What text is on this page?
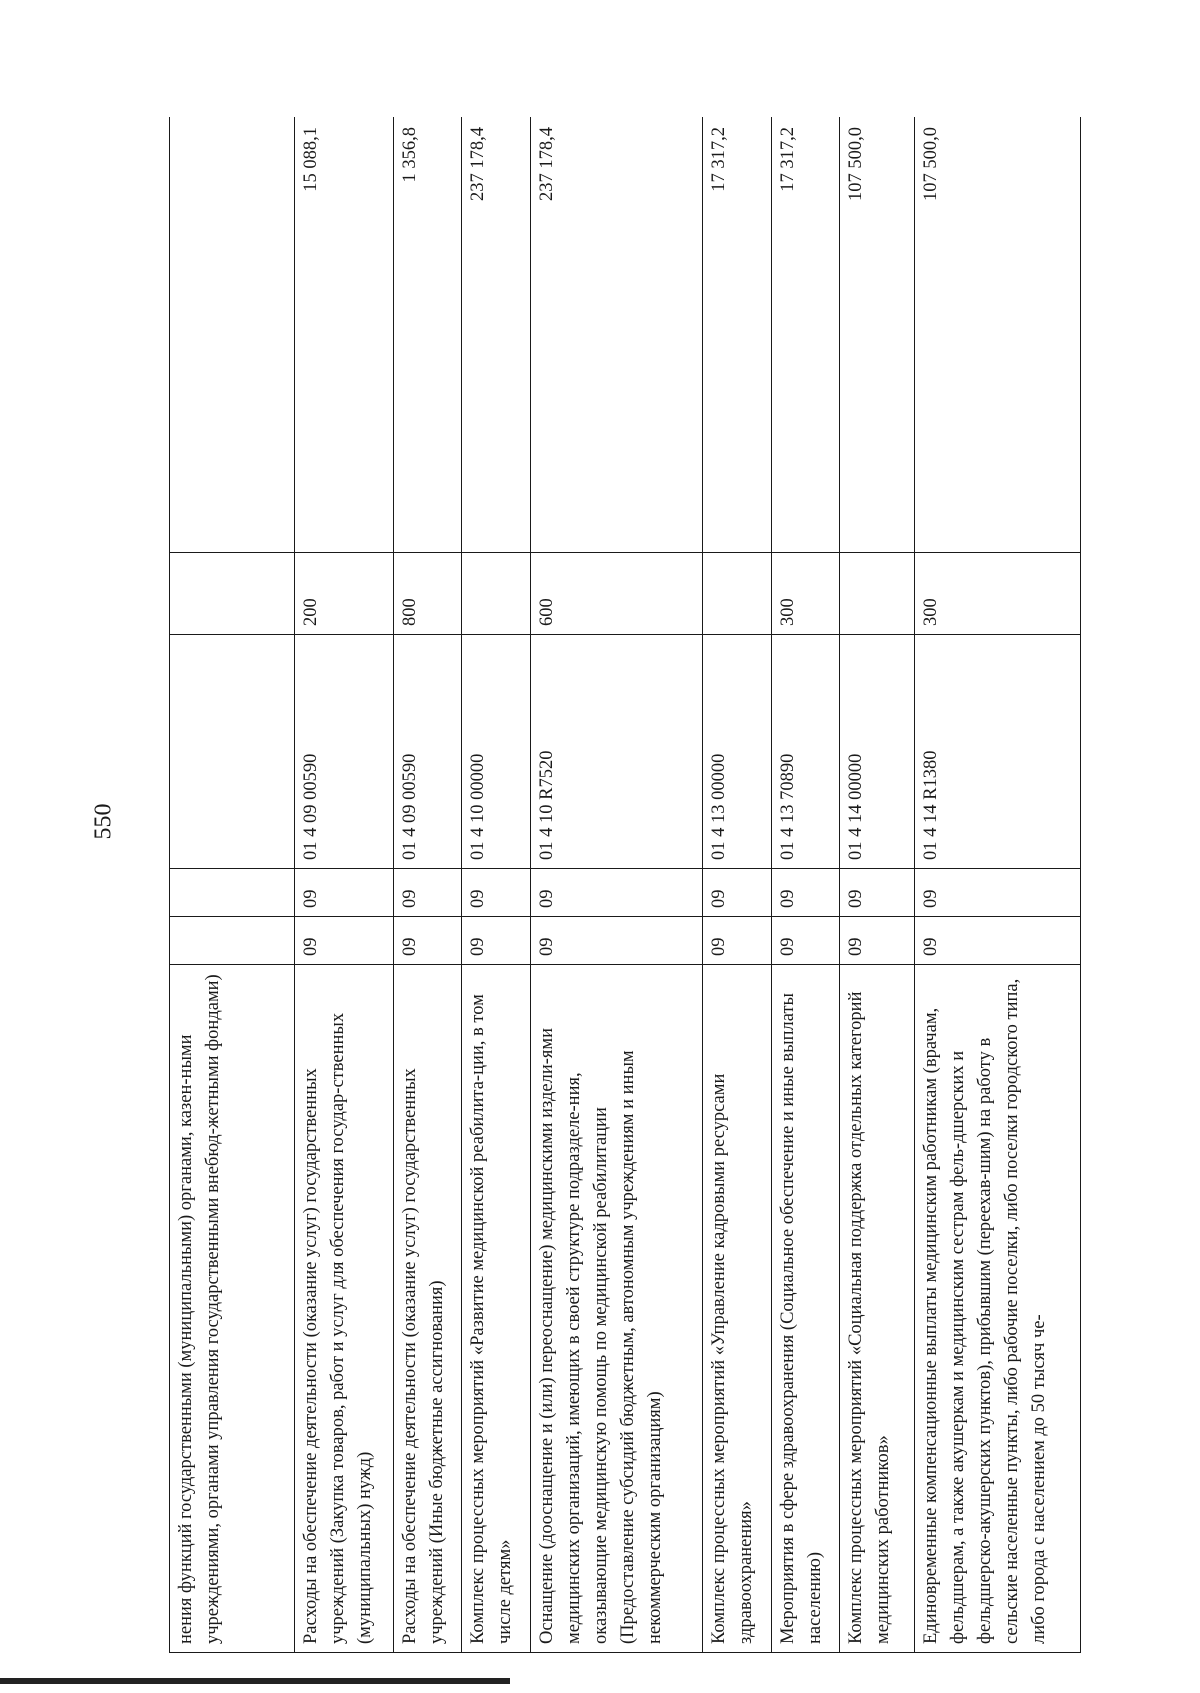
550
нения функций государственными (муниципальными) органами, казен-ными учреждениями, органами управления государственными внебюд-жетными фондами)					
Расходы на обеспечение деятельности (оказание услуг) государственных учреждений (Закупка товаров, работ и услуг для обеспечения государ-ственных (муниципальных) нужд)	09	09	01 4 09 00590	200	15 088,1
Расходы на обеспечение деятельности (оказание услуг) государственных учреждений (Иные бюджетные ассигнования)	09	09	01 4 09 00590	800	1 356,8
Комплекс процессных мероприятий «Развитие медицинской реабилита-ции, в том числе детям»	09	09	01 4 10 00000		237 178,4
Оснащение (дооснащение и (или) переоснащение) медицинскими издели-ями медицинских организаций, имеющих в своей структуре подразделе-ния, оказывающие медицинскую помощь по медицинской реабилитации (Предоставление субсидий бюджетным, автономным учреждениям и иным некоммерческим организациям)	09	09	01 4 10 R7520	600	237 178,4
Комплекс процессных мероприятий «Управление кадровыми ресурсами здравоохранения»	09	09	01 4 13 00000		17 317,2
Мероприятия в сфере здравоохранения (Социальное обеспечение и иные выплаты населению)	09	09	01 4 13 70890	300	17 317,2
Комплекс процессных мероприятий «Социальная поддержка отдельных категорий медицинских работников»	09	09	01 4 14 00000		107 500,0
Единовременные компенсационные выплаты медицинским работникам (врачам, фельдшерам, а также акушеркам и медицинским сестрам фель-дшерских и фельдшерско-акушерских пунктов), прибывшим (переехав-шим) на работу в сельские населенные пункты, либо рабочие поселки, либо поселки городского типа, либо города с населением до 50 тысяч че-	09	09	01 4 14 R1380	300	107 500,0
